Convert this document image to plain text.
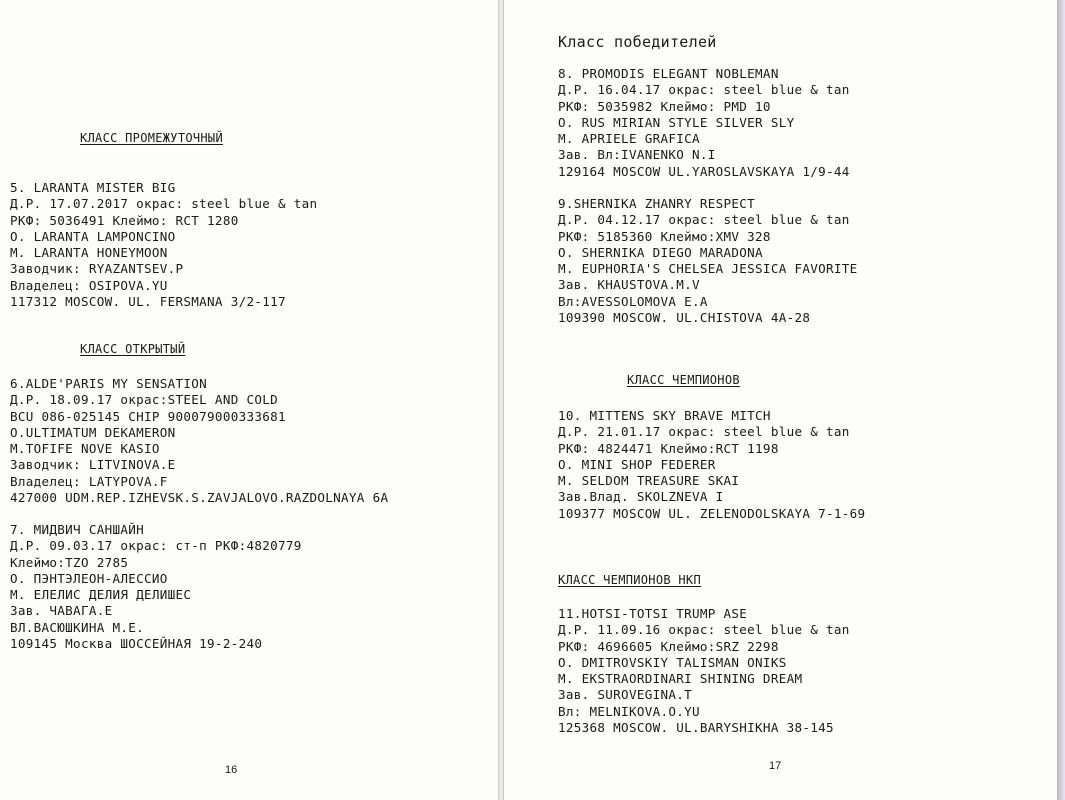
КЛАСС ПРОМЕЖУТОЧНЫЙ
5. LARANTA MISTER BIG
Д.Р. 17.07.2017 окрас: steel blue & tan
РКФ: 5036491 Клеймо: RCT 1280
О. LARANTA LAMPONCINO
М. LARANTA HONEYMOON
Заводчик: RYAZANTSEV.P
Владелец: OSIPOVA.YU
117312 MOSCOW. UL. FERSMANA 3/2-117
КЛАСС ОТКРЫТЫЙ
6.ALDE'PARIS MY SENSATION
Д.Р. 18.09.17 окрас:STEEL AND COLD
BCU 086-025145 CHIP 900079000333681
O.ULTIMATUM DEKAMERON
M.TOFIFE NOVE KASIO
Заводчик: LITVINOVA.E
Владелец: LATYPOVA.F
427000 UDM.REP.IZHEVSK.S.ZAVJALOVO.RAZDOLNAYA 6A
7. МИДВИЧ САНШАЙН
Д.Р. 09.03.17 окрас: ст-п РКФ:4820779
Клеймо:TZO 2785
О. ПЭНТЭЛЕОН-АЛЕССИО
М. ЕЛЕЛИС ДЕЛИЯ ДЕЛИШЕС
Зав. ЧАВАГА.Е
ВЛ.ВАСЮШКИНА М.Е.
109145 Москва ШОССЕЙНАЯ 19-2-240
16
Класс победителей
8. PROMODIS ELEGANT NOBLEMAN
Д.Р. 16.04.17 окрас: steel blue & tan
РКФ: 5035982 Клеймо: PMD 10
О. RUS MIRIAN STYLE SILVER SLY
М. APRIELE GRAFICA
Зав. Вл:IVANENKO N.I
129164 MOSCOW UL.YAROSLAVSKAYA 1/9-44
9.SHERNIKA ZHANRY RESPECT
Д.Р. 04.12.17 окрас: steel blue & tan
РКФ: 5185360 Клеймо:XMV 328
О. SHERNIKA DIEGO MARADONA
М. EUPHORIA'S CHELSEA JESSICA FAVORITE
Зав. KHAUSTOVA.M.V
Вл:AVESSOLOMOVA E.A
109390 MOSCOW. UL.CHISTOVA 4A-28
КЛАСС ЧЕМПИОНОВ
10. MITTENS SKY BRAVE MITCH
Д.Р. 21.01.17 окрас: steel blue & tan
РКФ: 4824471 Клеймо:RCT 1198
О. MINI SHOP FEDERER
М. SELDOM TREASURE SKAI
Зав.Влад. SKOLZNEVA I
109377 MOSCOW UL. ZELENODOLSKAYA 7-1-69
КЛАСС ЧЕМПИОНОВ НКП
11.HOTSI-TOTSI TRUMP ASE
Д.Р. 11.09.16 окрас: steel blue & tan
РКФ: 4696605 Клеймо:SRZ 2298
О. DMITROVSKIY TALISMAN ONIKS
М. EKSTRAORDINARI SHINING DREAM
Зав. SUROVEGINA.T
Вл: MELNIKOVA.O.YU
125368 MOSCOW. UL.BARYSHIKHA 38-145
17
